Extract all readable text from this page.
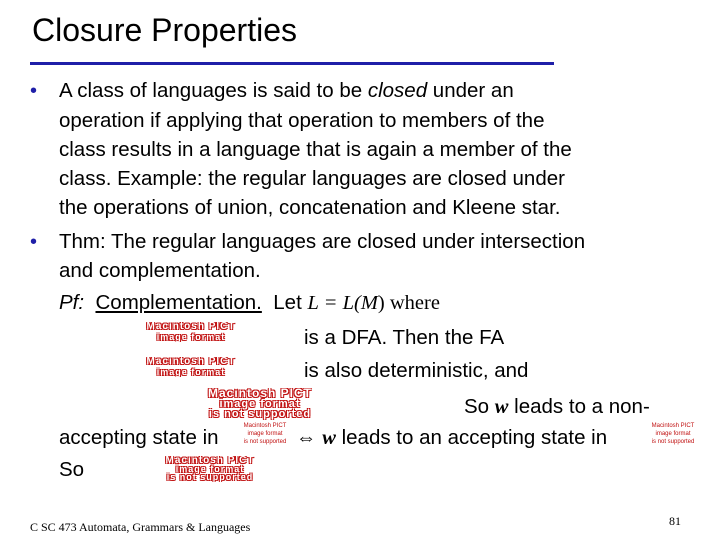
Closure Properties
• A class of languages is said to be closed under an
operation if applying that operation to members of the
class results in a language that is again a member of the
class. Example: the regular languages are closed under
the operations of union, concatenation and Kleene star.
• Thm: The regular languages are closed under intersection
and complementation.
Pf: Complementation. Let L = L(M) where
Macintosh PICT
image format	is a DFA. Then the FA
Macintosh PICT
image format	is also deterministic, and
Macintosh PICT
image format
is not supported	So w leads to a non-
accepting state in	Macintosh PICT
image format
is not supported ⇔ w leads to an accepting state in	Macintosh PICT
image format
is not supported
So	Macintosh PICT
image format
is not supported
C SC 473 Automata, Grammars & Languages	81
